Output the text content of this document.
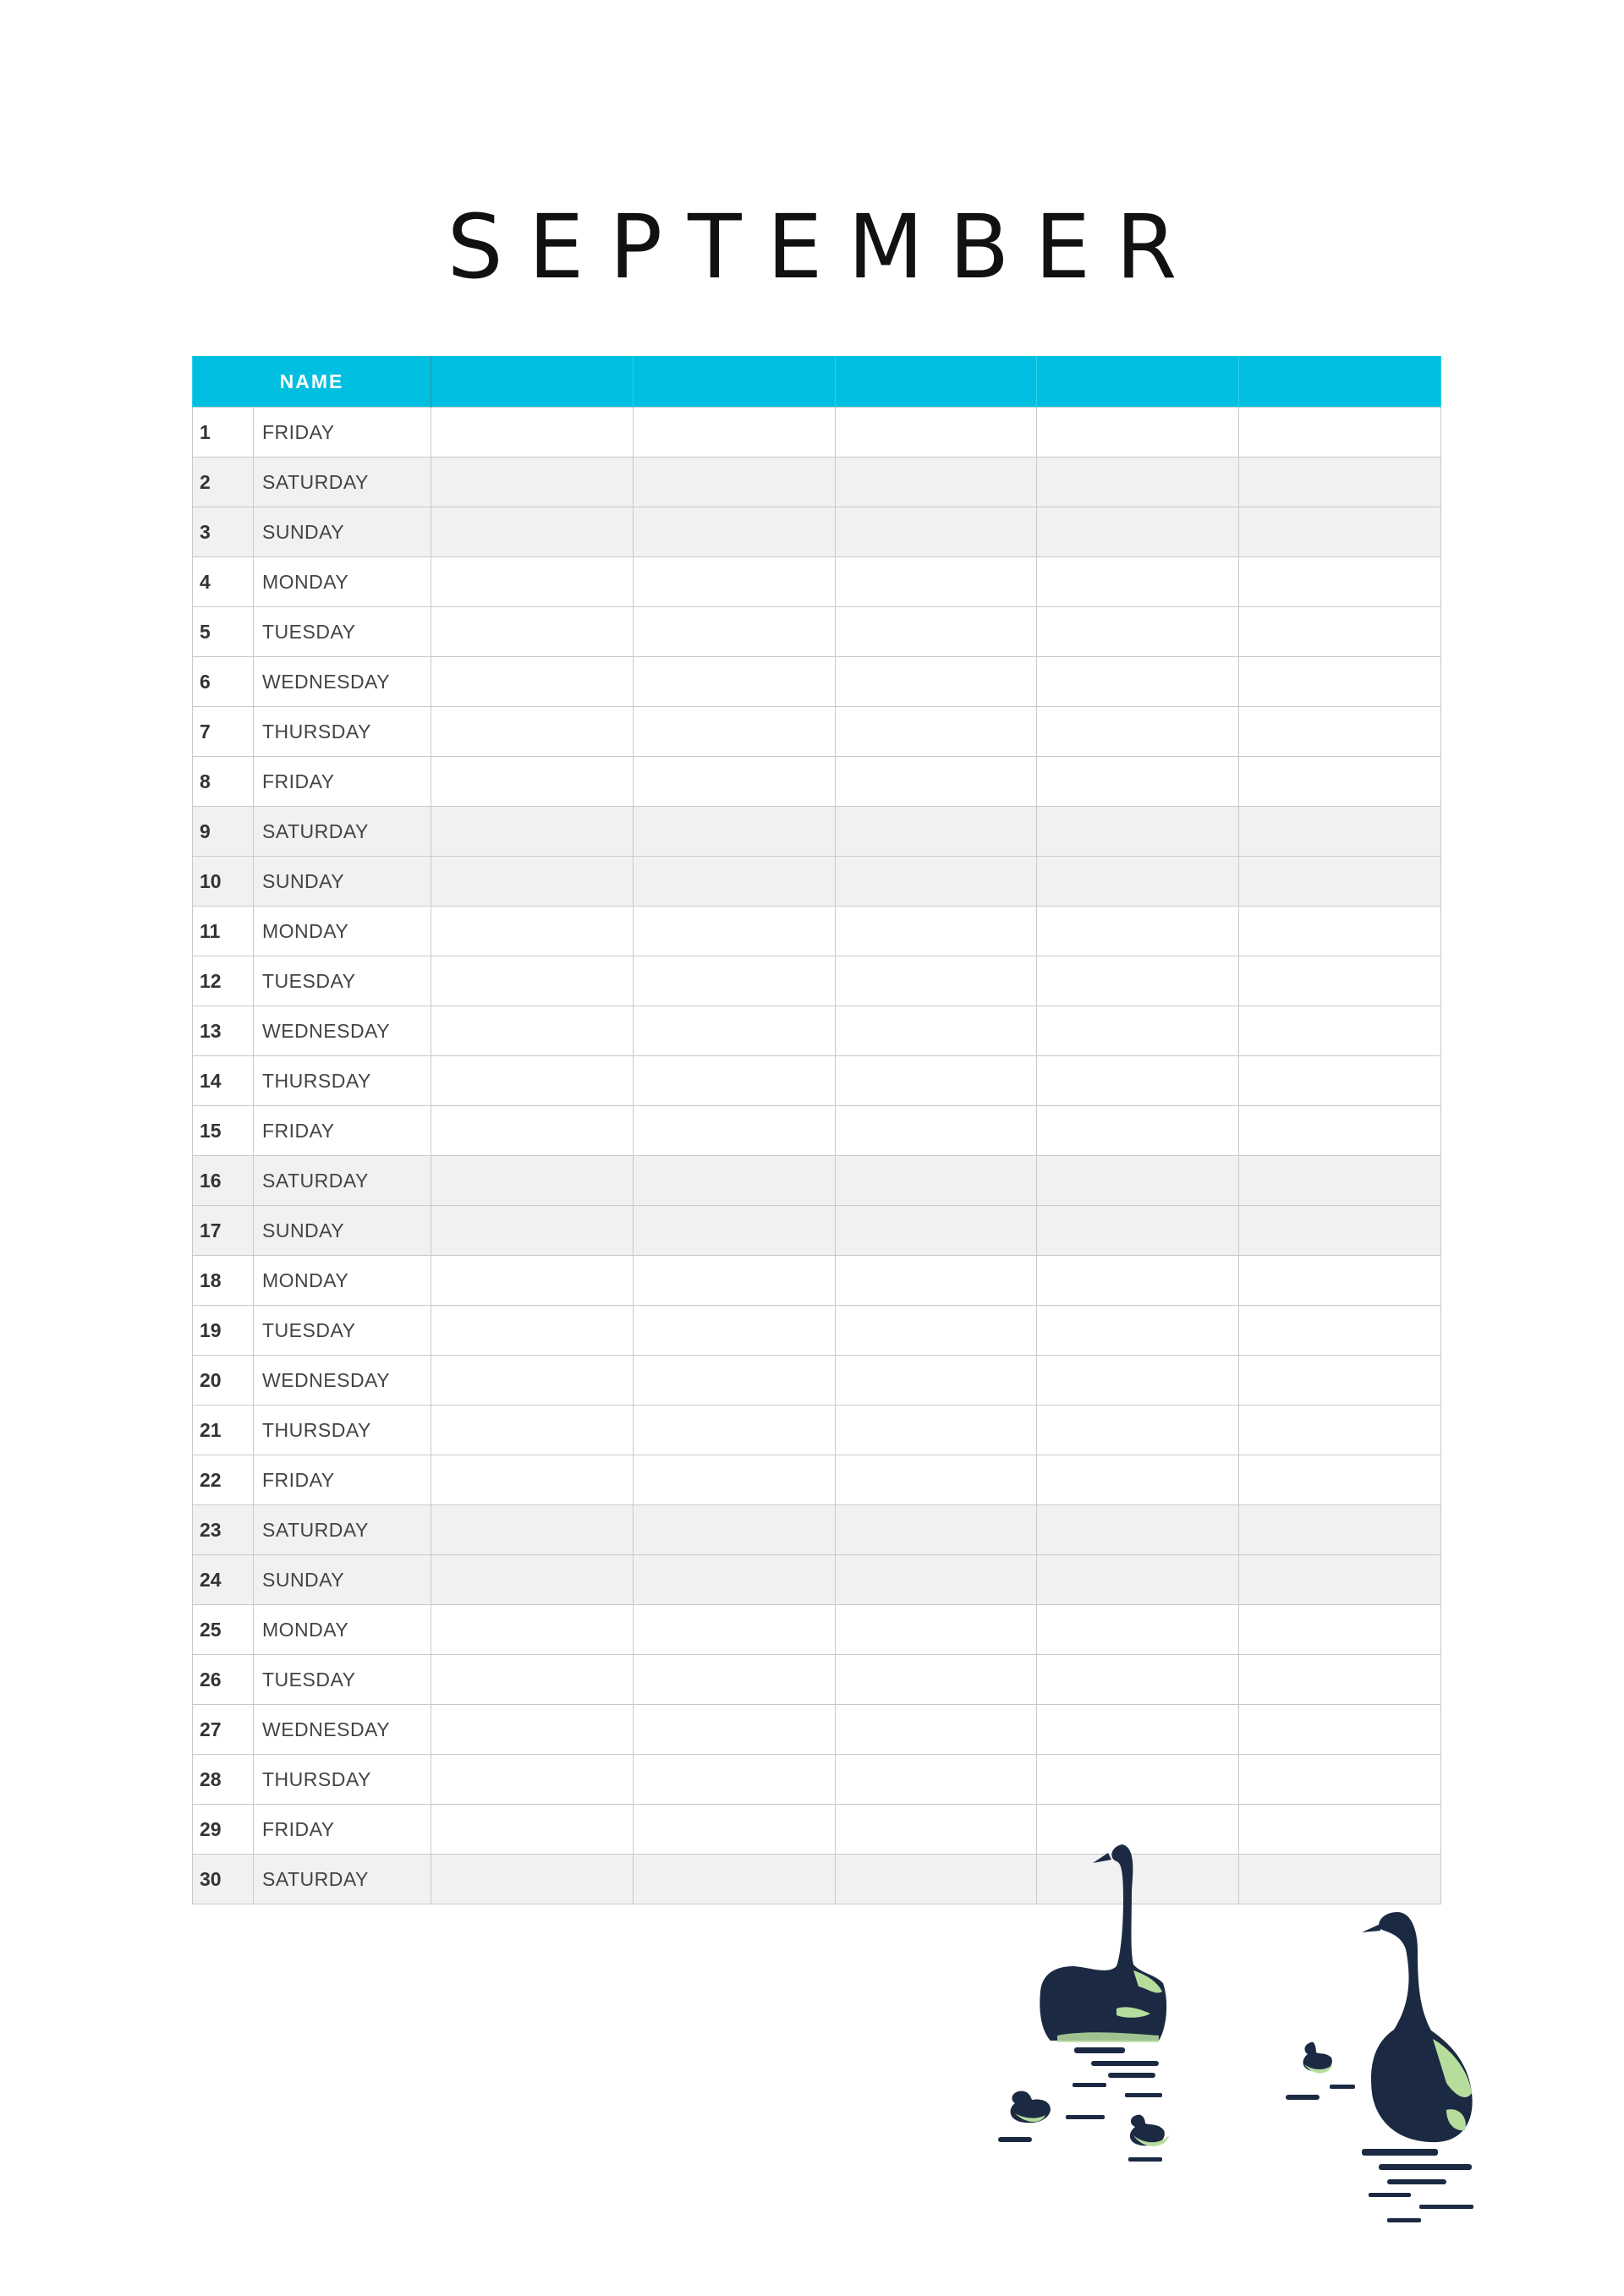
SEPTEMBER
NAME						
1	FRIDAY					
2	SATURDAY					
3	SUNDAY					
4	MONDAY					
5	TUESDAY					
6	WEDNESDAY					
7	THURSDAY					
8	FRIDAY					
9	SATURDAY					
10	SUNDAY					
11	MONDAY					
12	TUESDAY					
13	WEDNESDAY					
14	THURSDAY					
15	FRIDAY					
16	SATURDAY					
17	SUNDAY					
18	MONDAY					
19	TUESDAY					
20	WEDNESDAY					
21	THURSDAY					
22	FRIDAY					
23	SATURDAY					
24	SUNDAY					
25	MONDAY					
26	TUESDAY					
27	WEDNESDAY					
28	THURSDAY					
29	FRIDAY					
30	SATURDAY					
